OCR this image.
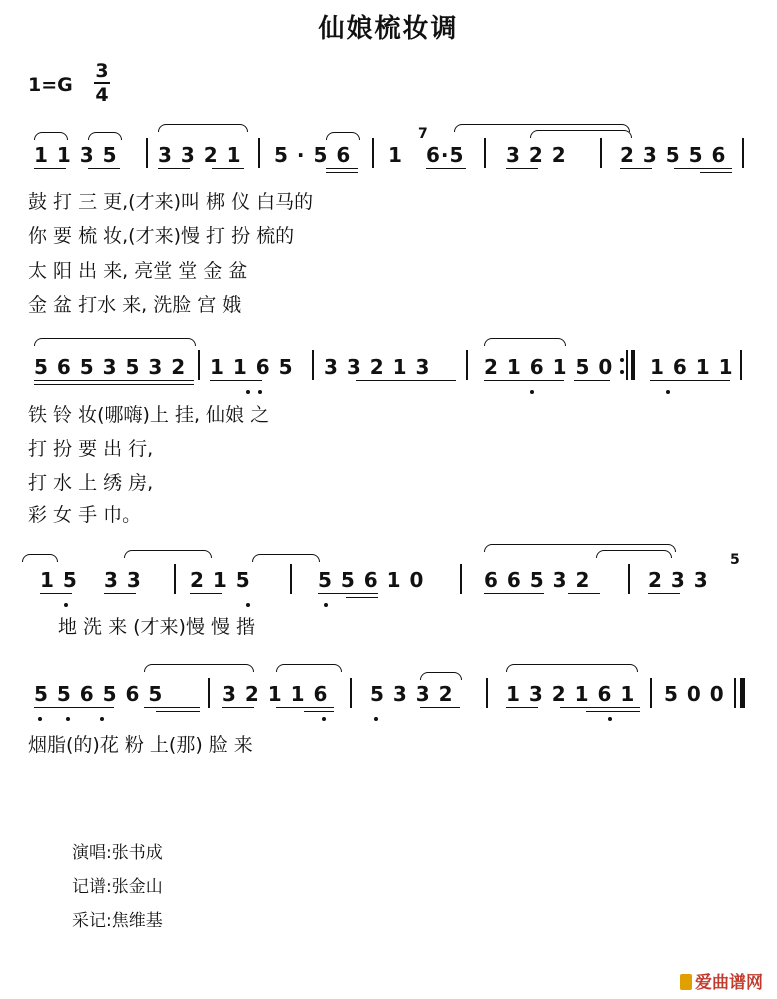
仙娘梳妆调
1=G
3
4
1 1 3 5 3 3 2 1 5 · 5 6 1 6·5
7
3 2 2	2 3 5 5 6
鼓 打 三 更,(才来)叫 梆 仪 白马的
你 要 梳 妆,(才来)慢 打 扮 梳的
太 阳 出 来, 亮堂 堂 金 盆
金 盆 打水 来, 洗脸 宫 娥
5 6 5 3 5 3 2 1 1 6 5 3 3 2 1 3	2 1 6 1 5 0 1 6 1 1
铁 铃 妆(哪嗨)上 挂, 仙娘 之
打 扮 要 出 行,
打 水 上 绣 房,
彩 女 手 巾。
1 5 3 3 2 1 5	5 5 6 1 0	6 6 5 3 2	2 3 3
5
地 洗 来 (才来)慢 慢 揩
5 5 6 5 6 5	3 2 1 1 6 5 3 3 2	1 3 2 1 6 1 5 0 0
烟脂(的)花 粉 上(那) 脸 来
演唱:张书成
记谱:张金山
采记:焦维基
爱曲谱网
